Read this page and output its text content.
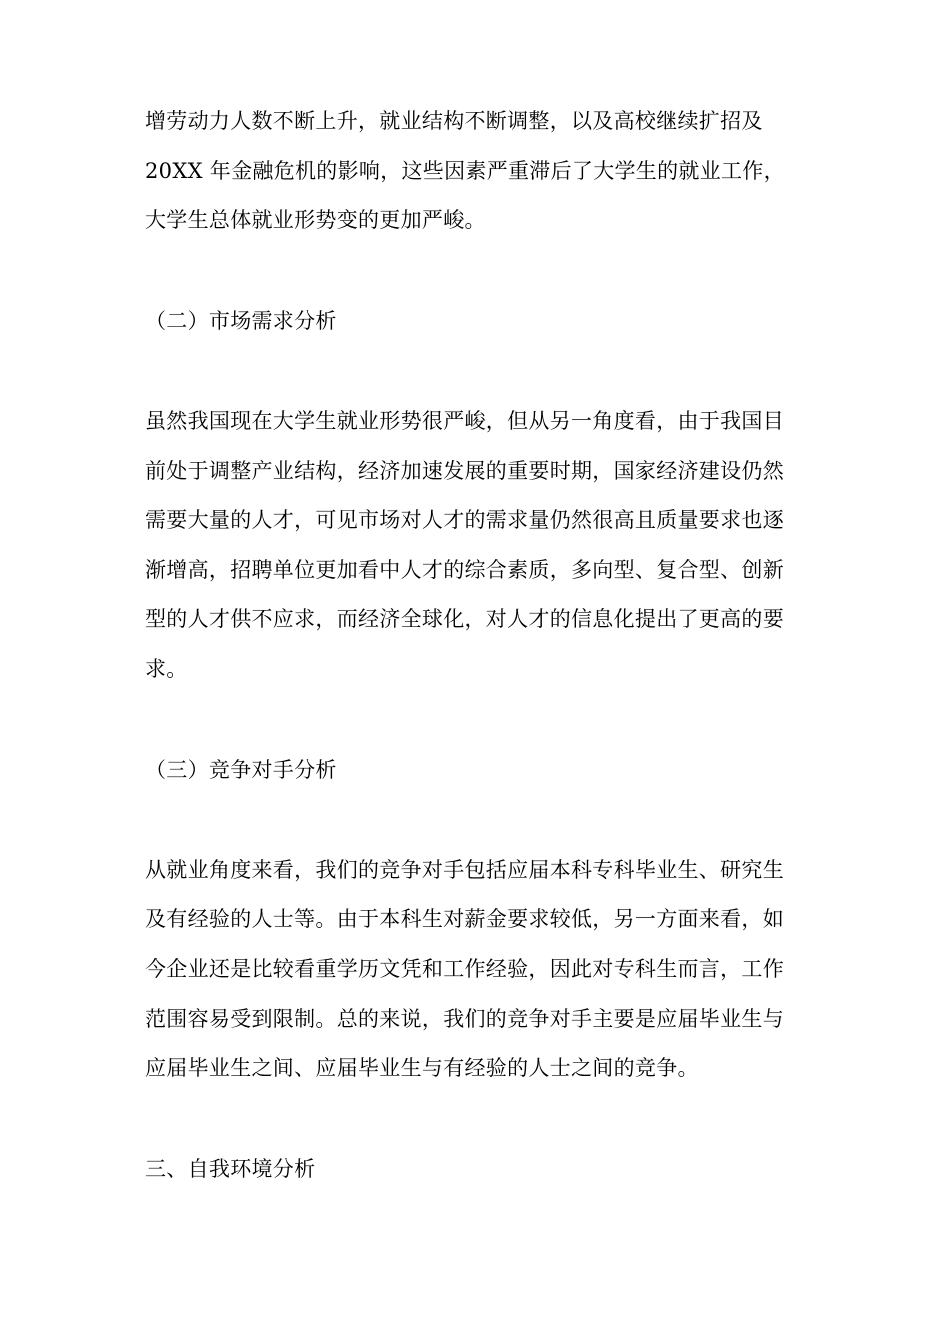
增劳动力人数不断上升，就业结构不断调整，以及高校继续扩招及
20XX 年金融危机的影响，这些因素严重滞后了大学生的就业工作，
大学生总体就业形势变的更加严峻。
（二）市场需求分析
虽然我国现在大学生就业形势很严峻，但从另一角度看，由于我国目
前处于调整产业结构，经济加速发展的重要时期，国家经济建设仍然
需要大量的人才，可见市场对人才的需求量仍然很高且质量要求也逐
渐增高，招聘单位更加看中人才的综合素质，多向型、复合型、创新
型的人才供不应求，而经济全球化，对人才的信息化提出了更高的要
求。
（三）竞争对手分析
从就业角度来看，我们的竞争对手包括应届本科专科毕业生、研究生
及有经验的人士等。由于本科生对薪金要求较低，另一方面来看，如
今企业还是比较看重学历文凭和工作经验，因此对专科生而言，工作
范围容易受到限制。总的来说，我们的竞争对手主要是应届毕业生与
应届毕业生之间、应届毕业生与有经验的人士之间的竞争。
三、自我环境分析
